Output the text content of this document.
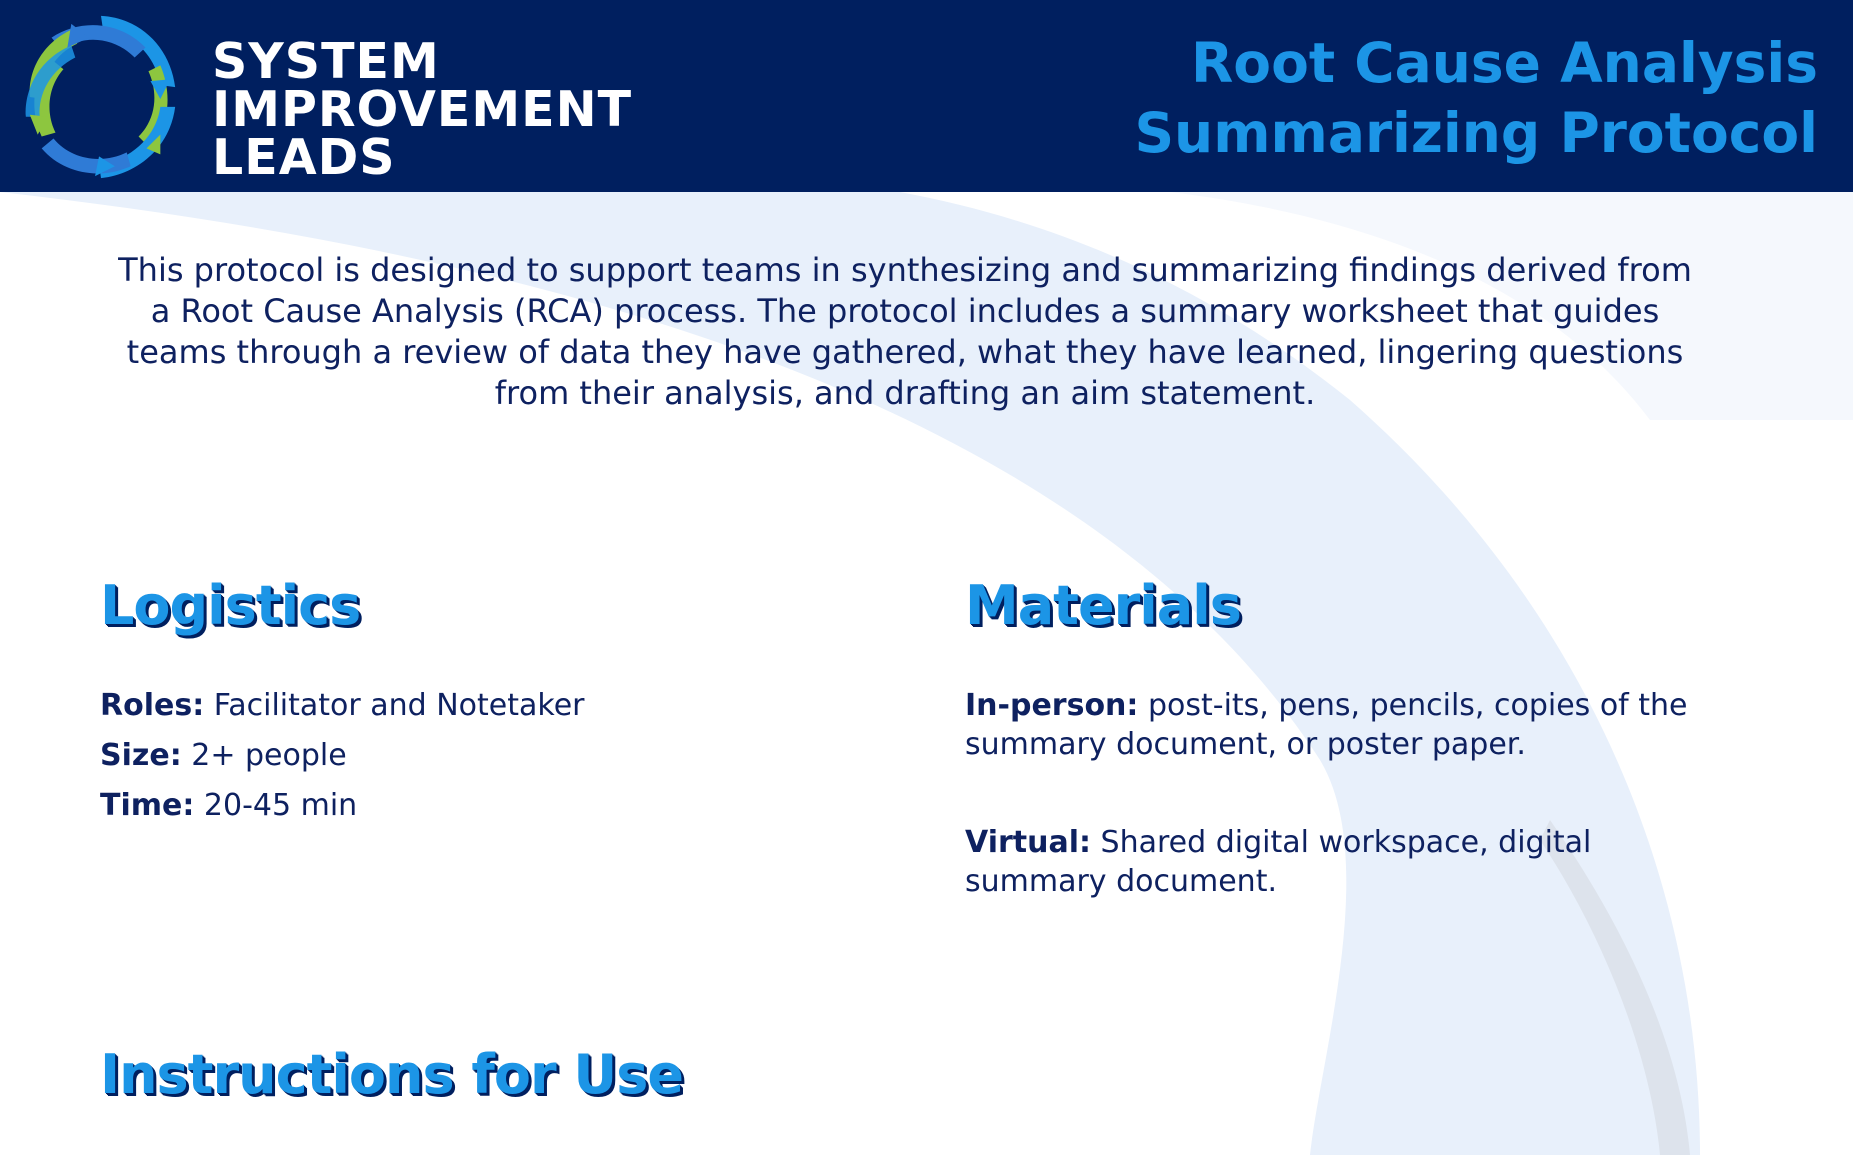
SYSTEM
IMPROVEMENT
LEADS
Root Cause Analysis
Summarizing Protocol

This protocol is designed to support teams in synthesizing and summarizing findings derived from a Root Cause Analysis (RCA) process. The protocol includes a summary worksheet that guides teams through a review of data they have gathered, what they have learned, lingering questions from their analysis, and drafting an aim statement.

Logistics
Roles: Facilitator and Notetaker
Size: 2+ people
Time: 20-45 min
Materials
In-person: post-its, pens, pencils, copies of the summary document, or poster paper.
Virtual: Shared digital workspace, digital summary document.
Instructions for Use
